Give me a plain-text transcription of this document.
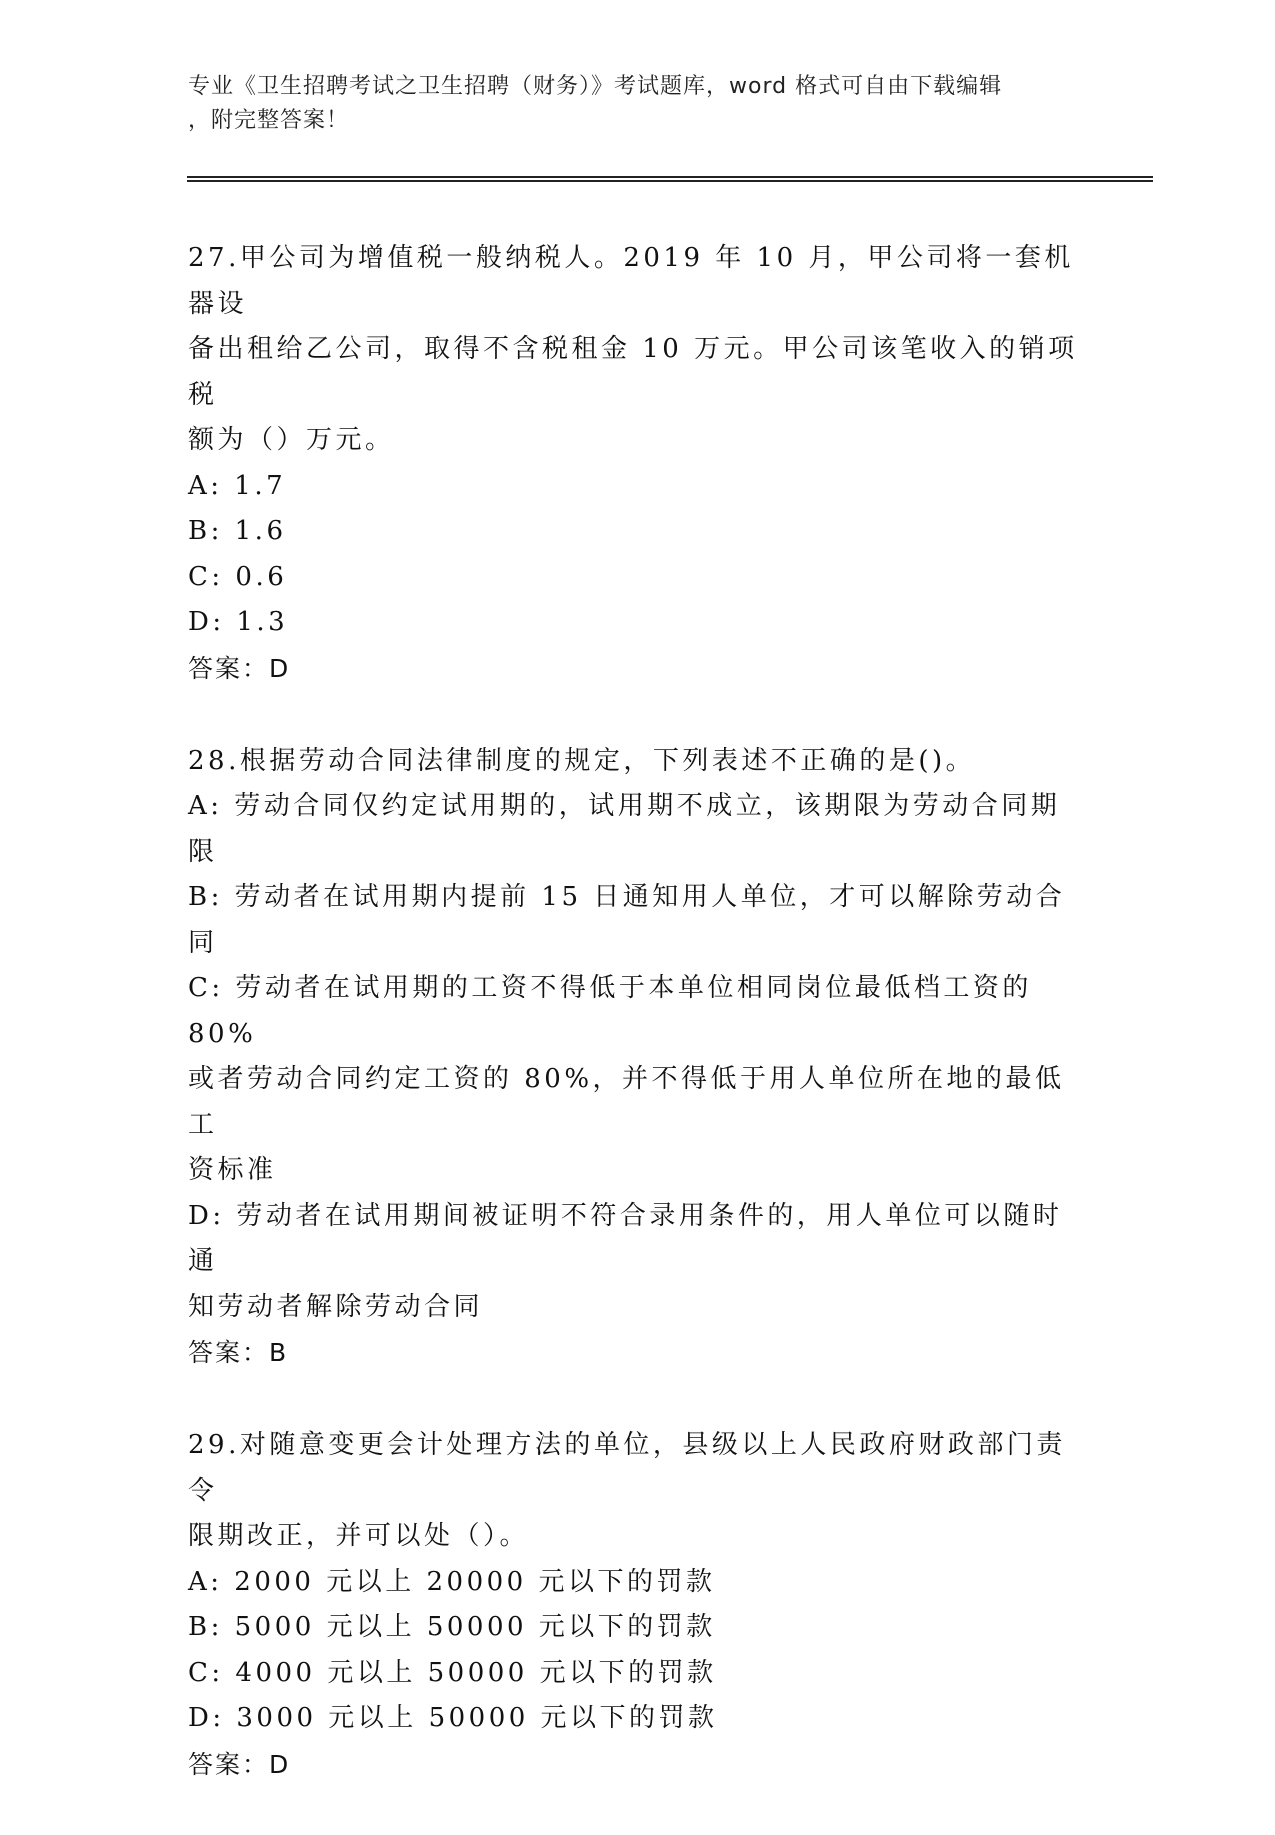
专业《卫生招聘考试之卫生招聘（财务）》考试题库，word 格式可自由下载编辑
，附完整答案！
27.甲公司为增值税一般纳税人。2019 年 10 月，甲公司将一套机器设
备出租给乙公司，取得不含税租金 10 万元。甲公司该笔收入的销项税
额为（）万元。
A: 1.7
B: 1.6
C: 0.6
D: 1.3
答案：D
28.根据劳动合同法律制度的规定，下列表述不正确的是()。
A: 劳动合同仅约定试用期的，试用期不成立，该期限为劳动合同期限
B: 劳动者在试用期内提前 15 日通知用人单位，才可以解除劳动合同
C: 劳动者在试用期的工资不得低于本单位相同岗位最低档工资的 80%
或者劳动合同约定工资的 80%，并不得低于用人单位所在地的最低工
资标准
D: 劳动者在试用期间被证明不符合录用条件的，用人单位可以随时通
知劳动者解除劳动合同
答案：B
29.对随意变更会计处理方法的单位，县级以上人民政府财政部门责令
限期改正，并可以处（）。
A: 2000 元以上 20000 元以下的罚款
B: 5000 元以上 50000 元以下的罚款
C: 4000 元以上 50000 元以下的罚款
D: 3000 元以上 50000 元以下的罚款
答案：D
